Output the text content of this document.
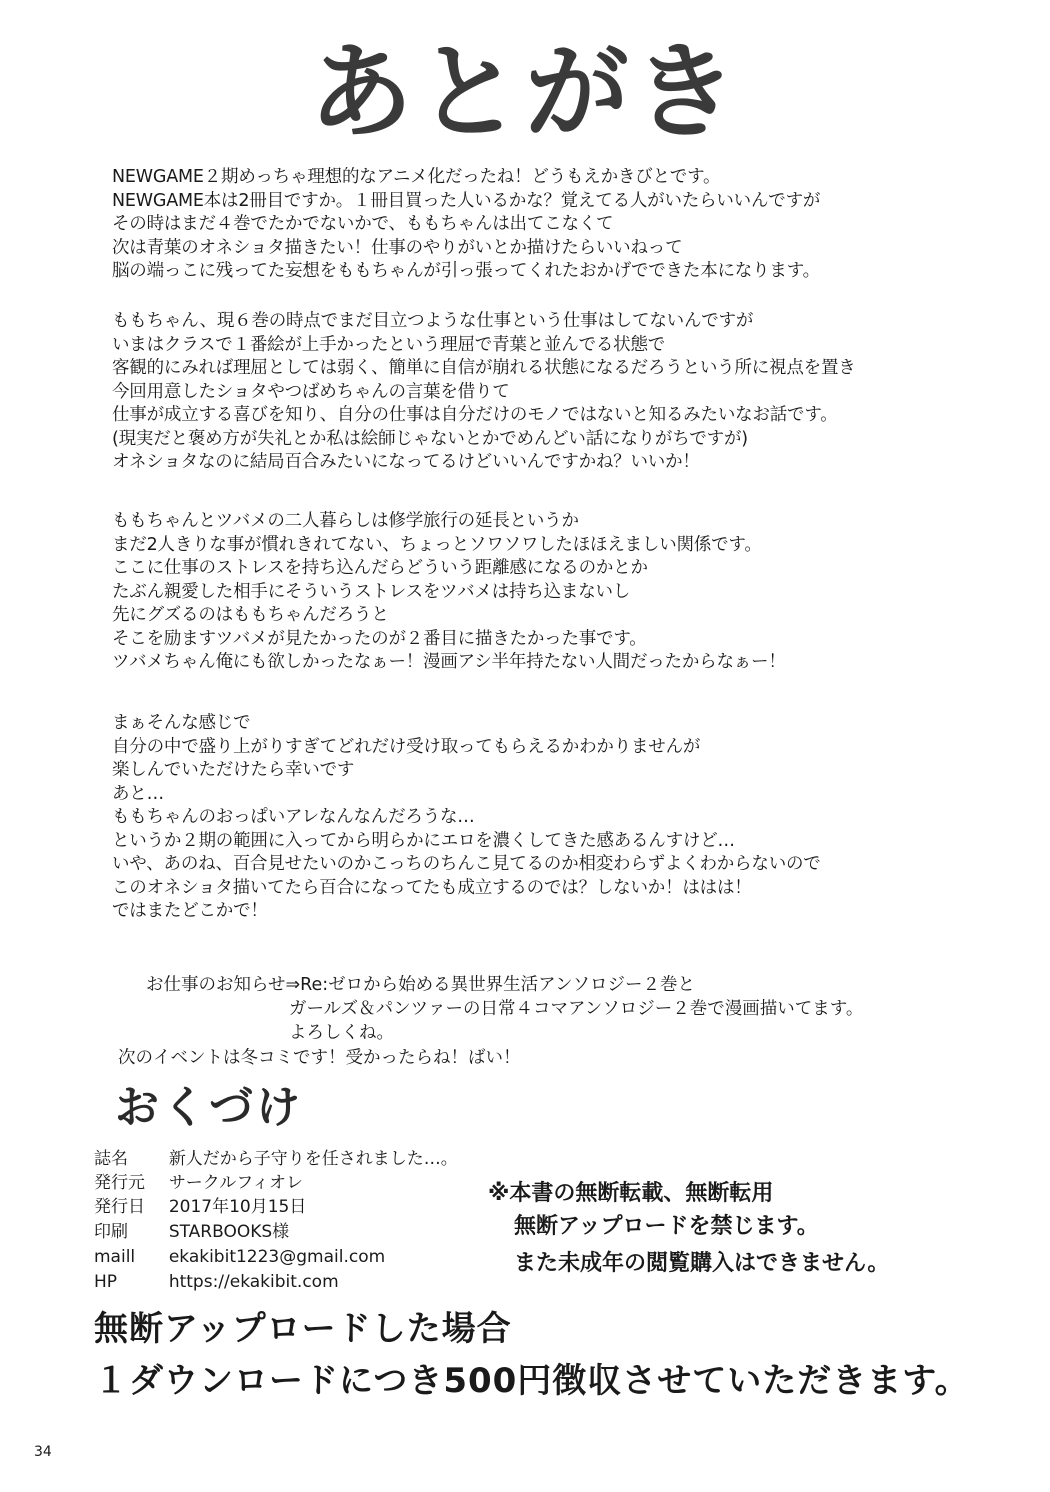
あとがき
NEWGAME２期めっちゃ理想的なアニメ化だったね！どうもえかきびとです。
NEWGAME本は2冊目ですか。１冊目買った人いるかな？覚えてる人がいたらいいんですが
その時はまだ４巻でたかでないかで、ももちゃんは出てこなくて
次は青葉のオネショタ描きたい！仕事のやりがいとか描けたらいいねって
脳の端っこに残ってた妄想をももちゃんが引っ張ってくれたおかげでできた本になります。
ももちゃん、現６巻の時点でまだ目立つような仕事という仕事はしてないんですが
いまはクラスで１番絵が上手かったという理屈で青葉と並んでる状態で
客観的にみれば理屈としては弱く、簡単に自信が崩れる状態になるだろうという所に視点を置き
今回用意したショタやつばめちゃんの言葉を借りて
仕事が成立する喜びを知り、自分の仕事は自分だけのモノではないと知るみたいなお話です。
(現実だと褒め方が失礼とか私は絵師じゃないとかでめんどい話になりがちですが)
オネショタなのに結局百合みたいになってるけどいいんですかね？いいか！
ももちゃんとツバメの二人暮らしは修学旅行の延長というか
まだ2人きりな事が慣れきれてない、ちょっとソワソワしたほほえましい関係です。
ここに仕事のストレスを持ち込んだらどういう距離感になるのかとか
たぶん親愛した相手にそういうストレスをツバメは持ち込まないし
先にグズるのはももちゃんだろうと
そこを励ますツバメが見たかったのが２番目に描きたかった事です。
ツバメちゃん俺にも欲しかったなぁー！漫画アシ半年持たない人間だったからなぁー！
まぁそんな感じで
自分の中で盛り上がりすぎてどれだけ受け取ってもらえるかわかりませんが
楽しんでいただけたら幸いです
あと…
ももちゃんのおっぱいアレなんなんだろうな…
というか２期の範囲に入ってから明らかにエロを濃くしてきた感あるんすけど…
いや、あのね、百合見せたいのかこっちのちんこ見てるのか相変わらずよくわからないので
このオネショタ描いてたら百合になってたも成立するのでは？しないか！ははは！
ではまたどこかで！
お仕事のお知らせ⇒Re:ゼロから始める異世界生活アンソロジー２巻と
ガールズ＆パンツァーの日常４コマアンソロジー２巻で漫画描いてます。
よろしくね。
次のイベントは冬コミです！受かったらね！ばい！
おくづけ
誌名 新人だから子守りを任されました…。
発行元 サークルフィオレ
発行日 2017年10月15日
印刷 STARBOOKS様
maill ekakibit1223@gmail.com
HP	https://ekakibit.com
※本書の無断転載、無断転用
無断アップロードを禁じます。
また未成年の閲覧購入はできません。
無断アップロードした場合
１ダウンロードにつき500円徴収させていただきます。
34
